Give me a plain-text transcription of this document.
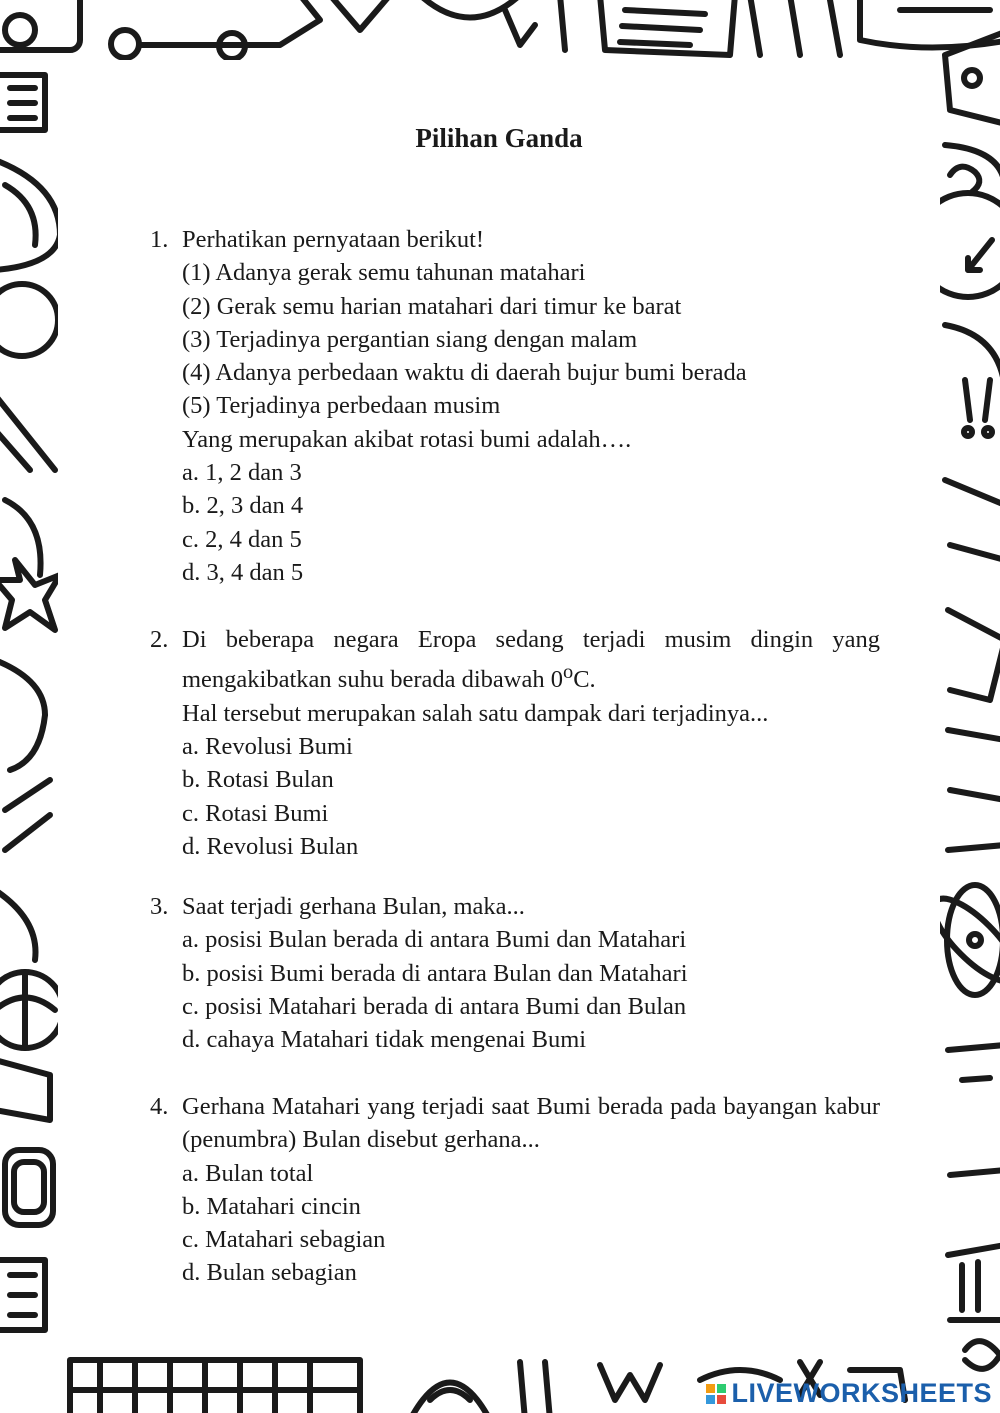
Pilihan Ganda
1. Perhatikan pernyataan berikut!
(1) Adanya gerak semu tahunan matahari
(2) Gerak semu harian matahari dari timur ke barat
(3) Terjadinya pergantian siang dengan malam
(4) Adanya perbedaan waktu di daerah bujur bumi berada
(5) Terjadinya perbedaan musim
Yang merupakan akibat rotasi bumi adalah….
a. 1, 2 dan 3
b. 2, 3 dan 4
c. 2, 4 dan 5
d. 3, 4 dan 5
2. Di beberapa negara Eropa sedang terjadi musim dingin yang mengakibatkan suhu berada dibawah 0$^o$C.
Hal tersebut merupakan salah satu dampak dari terjadinya...
a. Revolusi Bumi
b. Rotasi Bulan
c. Rotasi Bumi
d. Revolusi Bulan
3. Saat terjadi gerhana Bulan, maka...
a. posisi Bulan berada di antara Bumi dan Matahari
b. posisi Bumi berada di antara Bulan dan Matahari
c. posisi Matahari berada di antara Bumi dan Bulan
d. cahaya Matahari tidak mengenai Bumi
4. Gerhana Matahari yang terjadi saat Bumi berada pada bayangan kabur (penumbra) Bulan disebut gerhana...
a. Bulan total
b. Matahari cincin
c. Matahari sebagian
d. Bulan sebagian
LIVEWORKSHEETS
